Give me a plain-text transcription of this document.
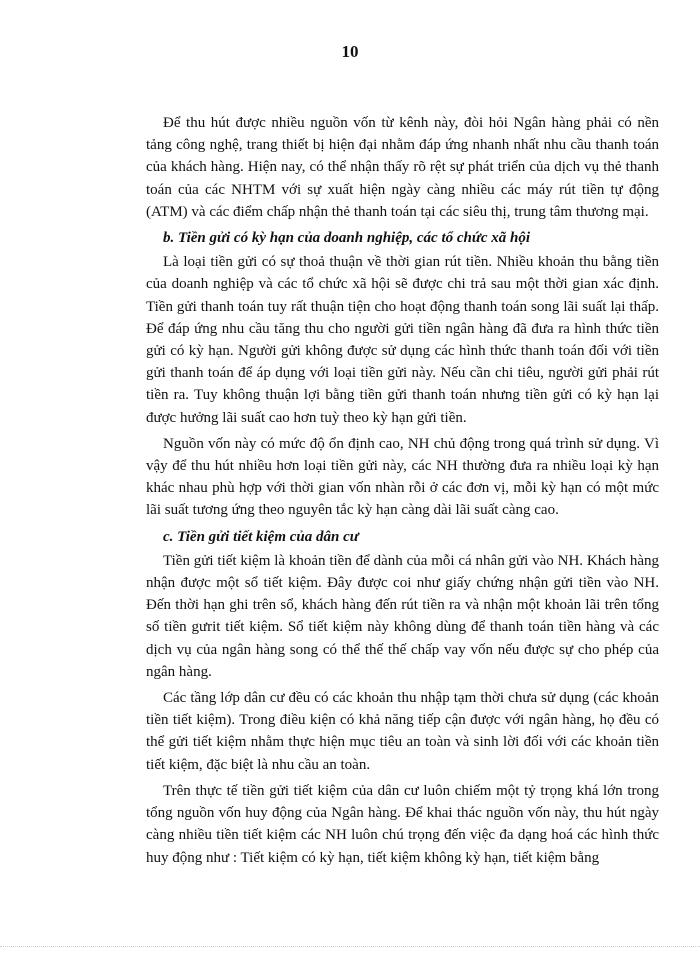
10

Để thu hút được nhiều nguồn vốn từ kênh này, đòi hỏi Ngân hàng phải có nền tảng công nghệ, trang thiết bị hiện đại nhằm đáp ứng nhanh nhất nhu cầu thanh toán của khách hàng. Hiện nay, có thể nhận thấy rõ rệt sự phát triển của dịch vụ thẻ thanh toán của các NHTM với sự xuất hiện ngày càng nhiều các máy rút tiền tự động (ATM) và các điểm chấp nhận thẻ thanh toán tại các siêu thị, trung tâm thương mại.

b. Tiền gửi có kỳ hạn của doanh nghiệp, các tổ chức xã hội

Là loại tiền gửi có sự thoả thuận về thời gian rút tiền. Nhiều khoản thu bằng tiền của doanh nghiệp và các tổ chức xã hội sẽ được chi trả sau một thời gian xác định. Tiền gửi thanh toán tuy rất thuận tiện cho hoạt động thanh toán song lãi suất lại thấp. Để đáp ứng nhu cầu tăng thu cho người gửi tiền ngân hàng đã đưa ra hình thức tiền gửi có kỳ hạn. Người gửi không được sử dụng các hình thức thanh toán đối với tiền gửi thanh toán để áp dụng với loại tiền gửi này. Nếu cần chi tiêu, người gửi phải rút tiền ra. Tuy không thuận lợi bằng tiền gửi thanh toán nhưng tiền gửi có kỳ hạn lại được hưởng lãi suất cao hơn tuỳ theo kỳ hạn gửi tiền.

Nguồn vốn này có mức độ ổn định cao, NH chủ động trong quá trình sử dụng. Vì vậy để thu hút nhiều hơn loại tiền gửi này, các NH thường đưa ra nhiều loại kỳ hạn khác nhau phù hợp với thời gian vốn nhàn rỗi ở các đơn vị, mỗi kỳ hạn có một mức lãi suất tương ứng theo nguyên tắc kỳ hạn càng dài lãi suất càng cao.

c. Tiền gửi tiết kiệm của dân cư

Tiền gửi tiết kiệm là khoản tiền để dành của mỗi cá nhân gửi vào NH. Khách hàng nhận được một sổ tiết kiệm. Đây được coi như giấy chứng nhận gửi tiền vào NH. Đến thời hạn ghi trên sổ, khách hàng đến rút tiền ra và nhận một khoản lãi trên tổng số tiền gưrit tiết kiệm. Sổ tiết kiệm này không dùng để thanh toán tiền hàng và các dịch vụ của ngân hàng song có thể thế thế chấp vay vốn nếu được sự cho phép của ngân hàng.

Các tầng lớp dân cư đều có các khoản thu nhập tạm thời chưa sử dụng (các khoản tiền tiết kiệm). Trong điều kiện có khả năng tiếp cận được với ngân hàng, họ đều có thể gửi tiết kiệm nhằm thực hiện mục tiêu an toàn và sinh lời đối với các khoản tiền tiết kiệm, đặc biệt là nhu cầu an toàn.

Trên thực tế tiền gửi tiết kiệm của dân cư luôn chiếm một tỷ trọng khá lớn trong tổng nguồn vốn huy động của Ngân hàng. Để khai thác nguồn vốn này, thu hút ngày càng nhiều tiền tiết kiệm các NH luôn chú trọng đến việc đa dạng hoá các hình thức huy động như : Tiết kiệm có kỳ hạn, tiết kiệm không kỳ hạn, tiết kiệm bằng
